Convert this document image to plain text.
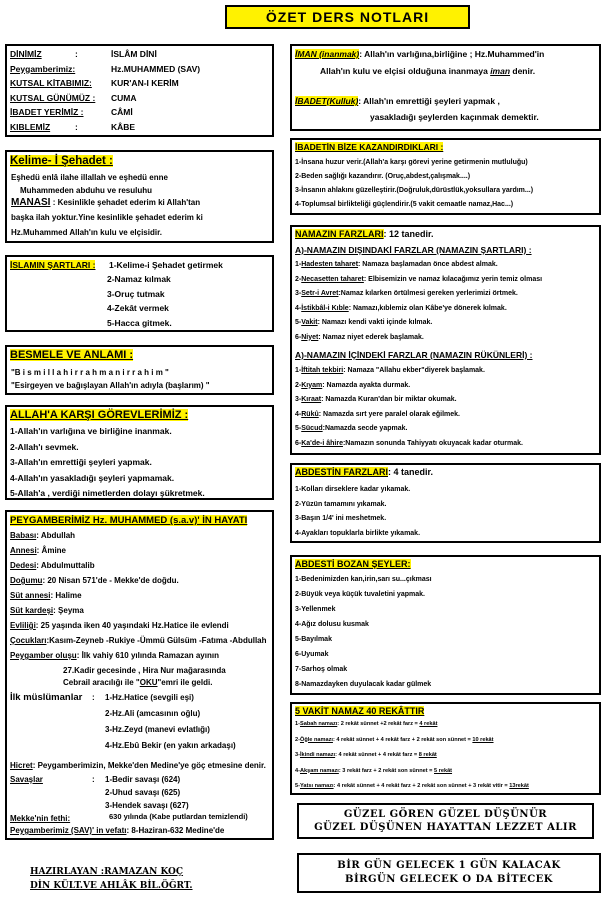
ÖZET DERS NOTLARI
DİNİMİZ	:	İSLÂM DİNİ
Peygamberimiz:	Hz.MUHAMMED (SAV)
KUTSAL KİTABIMIZ: KUR'AN-I KERİM
KUTSAL GÜNÜMÜZ : CUMA
İBADET YERİMİZ :	CÂMİ
KIBLEMİZ	:	KÂBE
Kelime- İ Şehadet :
Eşhedü enlâ ilahe illallah ve eşhedü enne
Muhammeden abduhu ve resuluhu
MANASI : Kesinlikle şehadet ederim ki Allah'tan
başka ilah yoktur.Yine kesinlikle şehadet ederim ki
Hz.Muhammed Allah'ın kulu ve elçisidir.
İSLAMIN ŞARTLARI : 1-Kelime-i Şehadet getirmek
2-Namaz kılmak
3-Oruç tutmak
4-Zekât vermek
5-Hacca gitmek.
BESMELE VE ANLAMI :
"B i s m i l l a h i r r a h m a n i r r a h i m "
"Esirgeyen ve bağışlayan Allah'ın adıyla (başlarım) "
ALLAH'A KARŞI GÖREVLERİMİZ :
1-Allah'ın varlığına ve birliğine inanmak.
2-Allah'ı sevmek.
3-Allah'ın emrettiği şeyleri yapmak.
4-Allah'ın yasakladığı şeyleri yapmamak.
5-Allah'a , verdiği nimetlerden dolayı şükretmek.
PEYGAMBERİMİZ Hz. MUHAMMED (s.a.v)' İN HAYATI
Babası: Abdullah
Annesi: Âmine
Dedesi: Abdulmuttalib
Doğumu: 20 Nisan 571'de - Mekke'de doğdu.
Süt annesi: Halime
Süt kardeşi: Şeyma
Evliliği: 25 yaşında iken 40 yaşındaki Hz.Hatice ile evlendi
Çocukları:Kasım-Zeyneb -Rukiye -Ümmü Gülsüm -Fatıma -Abdullah
Peygamber oluşu: İlk vahiy 610 yılında Ramazan ayının
27.Kadir gecesinde , Hira Nur mağarasında
Cebrail aracılığı ile "OKU"emri ile geldi.
İlk müslümanlar : 1-Hz.Hatice (sevgili eşi)
2-Hz.Ali (amcasının oğlu)
3-Hz.Zeyd (manevi evlatlığı)
4-Hz.Ebû Bekir (en yakın arkadaşı)
Hicret: Peygamberimizin, Mekke'den Medine'ye göç etmesine denir.
Savaşlar	: 1-Bedir savaşı (624)
2-Uhud savaşı (625)
3-Hendek savaşı (627)
Mekke'nin fethi:	630 yılında (Kabe putlardan temizlendi)
Peygamberimiz (SAV)' in vefatı: 8-Haziran-632 Medine'de
HAZIRLAYAN :RAMAZAN KOÇ
DİN KÜLT.VE AHLÂK BİL.ÖĞRT.
İMAN (inanmak): Allah'ın varlığına,birliğine ; Hz.Muhammed'in
Allah'ın kulu ve elçisi olduğuna inanmaya iman denir.
İBADET(Kulluk): Allah'ın emrettiği şeyleri yapmak ,
yasakladığı şeylerden kaçınmak demektir.
İBADETİN BİZE KAZANDIRDIKLARI :
1-İnsana huzur verir.(Allah'a karşı görevi yerine getirmenin mutluluğu)
2-Beden sağlığı kazandırır. (Oruç,abdest,çalışmak....)
3-İnsanın ahlakını güzelleştirir.(Doğruluk,dürüstlük,yoksullara yardım...)
4-Toplumsal birlikteliği güçlendirir.(5 vakit cemaatle namaz,Hac...)
NAMAZIN FARZLARI: 12 tanedir.
A)-NAMAZIN DIŞINDAKİ FARZLAR (NAMAZIN ŞARTLARI) :
1-Hadesten taharet: Namaza başlamadan önce abdest almak.
2-Necasetten taharet: Elbisemizin ve namaz kılacağımız yerin temiz olması
3-Setr-i Avret:Namaz kılarken örtülmesi gereken yerlerimizi örtmek.
4-İstikbâl-i Kıble: Namazı,kıblemiz olan Kâbe'ye dönerek kılmak.
5-Vakit: Namazı kendi vakti içinde kılmak.
6-Niyet: Namaz niyet ederek başlamak.
A)-NAMAZIN İÇİNDEKİ FARZLAR (NAMAZIN RÜKÜNLERİ) :
1-İftitah tekbiri: Namaza "Allahu ekber"diyerek başlamak.
2-Kıyam: Namazda ayakta durmak.
3-Kıraat: Namazda Kuran'dan bir miktar okumak.
4-Rükû: Namazda sırt yere paralel olarak eğilmek.
5-Sücud:Namazda secde yapmak.
6-Ka'de-i âhire:Namazın sonunda Tahiyyatı okuyacak kadar oturmak.
ABDESTİN FARZLARI: 4 tanedir.
1-Kolları dirseklere kadar yıkamak.
2-Yüzün tamamını yıkamak.
3-Başın 1/4' ini meshetmek.
4-Ayakları topuklarla birlikte yıkamak.
ABDESTİ BOZAN ŞEYLER:
1-Bedenimizden kan,irin,sarı su...çıkması
2-Büyük veya küçük tuvaletini yapmak.
3-Yellenmek
4-Ağız dolusu kusmak
5-Bayılmak
6-Uyumak
7-Sarhoş olmak
8-Namazdayken duyulacak kadar gülmek
5 VAKİT NAMAZ 40 REKÂTTIR
1-Sabah namazı: 2 rekât sünnet +2 rekât farz = 4 rekât
2-Öğle namazı: 4 rekât sünnet + 4 rekât farz + 2 rekât son sünnet = 10 rekât
3-İkindi namazı: 4 rekât sünnet + 4 rekât farz = 8 rekât
4-Akşam namazı: 3 rekât farz + 2 rekât son sünnet = 5 rekât
5-Yatsı namazı: 4 rekât sünnet + 4 rekât farz + 2 rekât son sünnet + 3 rekât vitir = 13rekât
GÜZEL GÖREN GÜZEL DÜŞÜNÜR
GÜZEL DÜŞÜNEN HAYATTAN LEZZET ALIR
BİR GÜN GELECEK 1 GÜN KALACAK
BİRGÜN GELECEK O DA BİTECEK
